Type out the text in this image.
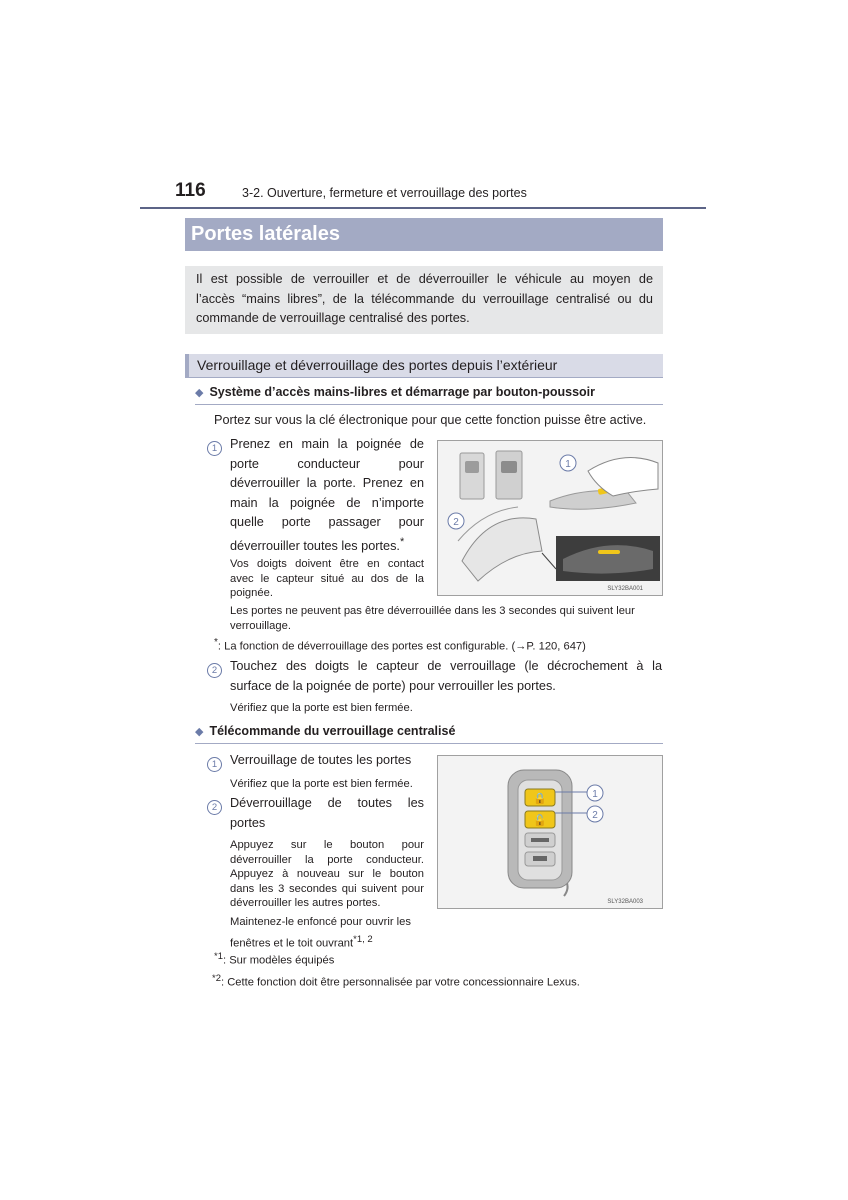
116	3-2. Ouverture, fermeture et verrouillage des portes
Portes latérales
Il est possible de verrouiller et de déverrouiller le véhicule au moyen de
l’accès “mains libres”, de la télécommande du verrouillage centralisé ou du
commande de verrouillage centralisé des portes.
Verrouillage et déverrouillage des portes depuis l’extérieur
◆ Système d’accès mains-libres et démarrage par bouton-poussoir
Portez sur vous la clé électronique pour que cette fonction puisse être active.
1	Prenez en main la poignée de
porte conducteur pour
déverrouiller la porte. Prenez en
main la poignée de n’importe
quelle porte passager pour
déverrouiller toutes les portes.*
Vos doigts doivent être en contact
avec le capteur situé au dos de la
poignée.
Les portes ne peuvent pas être déverrouillée dans les 3 secondes qui suivent leur
verrouillage.
*: La fonction de déverrouillage des portes est configurable. (→P. 120, 647)
1
2
SLY32BA001
2	Touchez des doigts le capteur de verrouillage (le décrochement à la
surface de la poignée de porte) pour verrouiller les portes.
Vérifiez que la porte est bien fermée.
◆ Télécommande du verrouillage centralisé
1	Verrouillage de toutes les portes
Vérifiez que la porte est bien fermée.
2	Déverrouillage de toutes les
portes
Appuyez sur le bouton pour
déverrouiller la porte conducteur.
Appuyez à nouveau sur le bouton
dans les 3 secondes qui suivent pour
déverrouiller les autres portes.
Maintenez-le enfoncé pour ouvrir les
fenêtres et le toit ouvrant$^{*1, 2}$
🔒
🔓
1
2
SLY32BA003
$^{*1}$: Sur modèles équipés
$^{*2}$: Cette fonction doit être personnalisée par votre concessionnaire Lexus.
